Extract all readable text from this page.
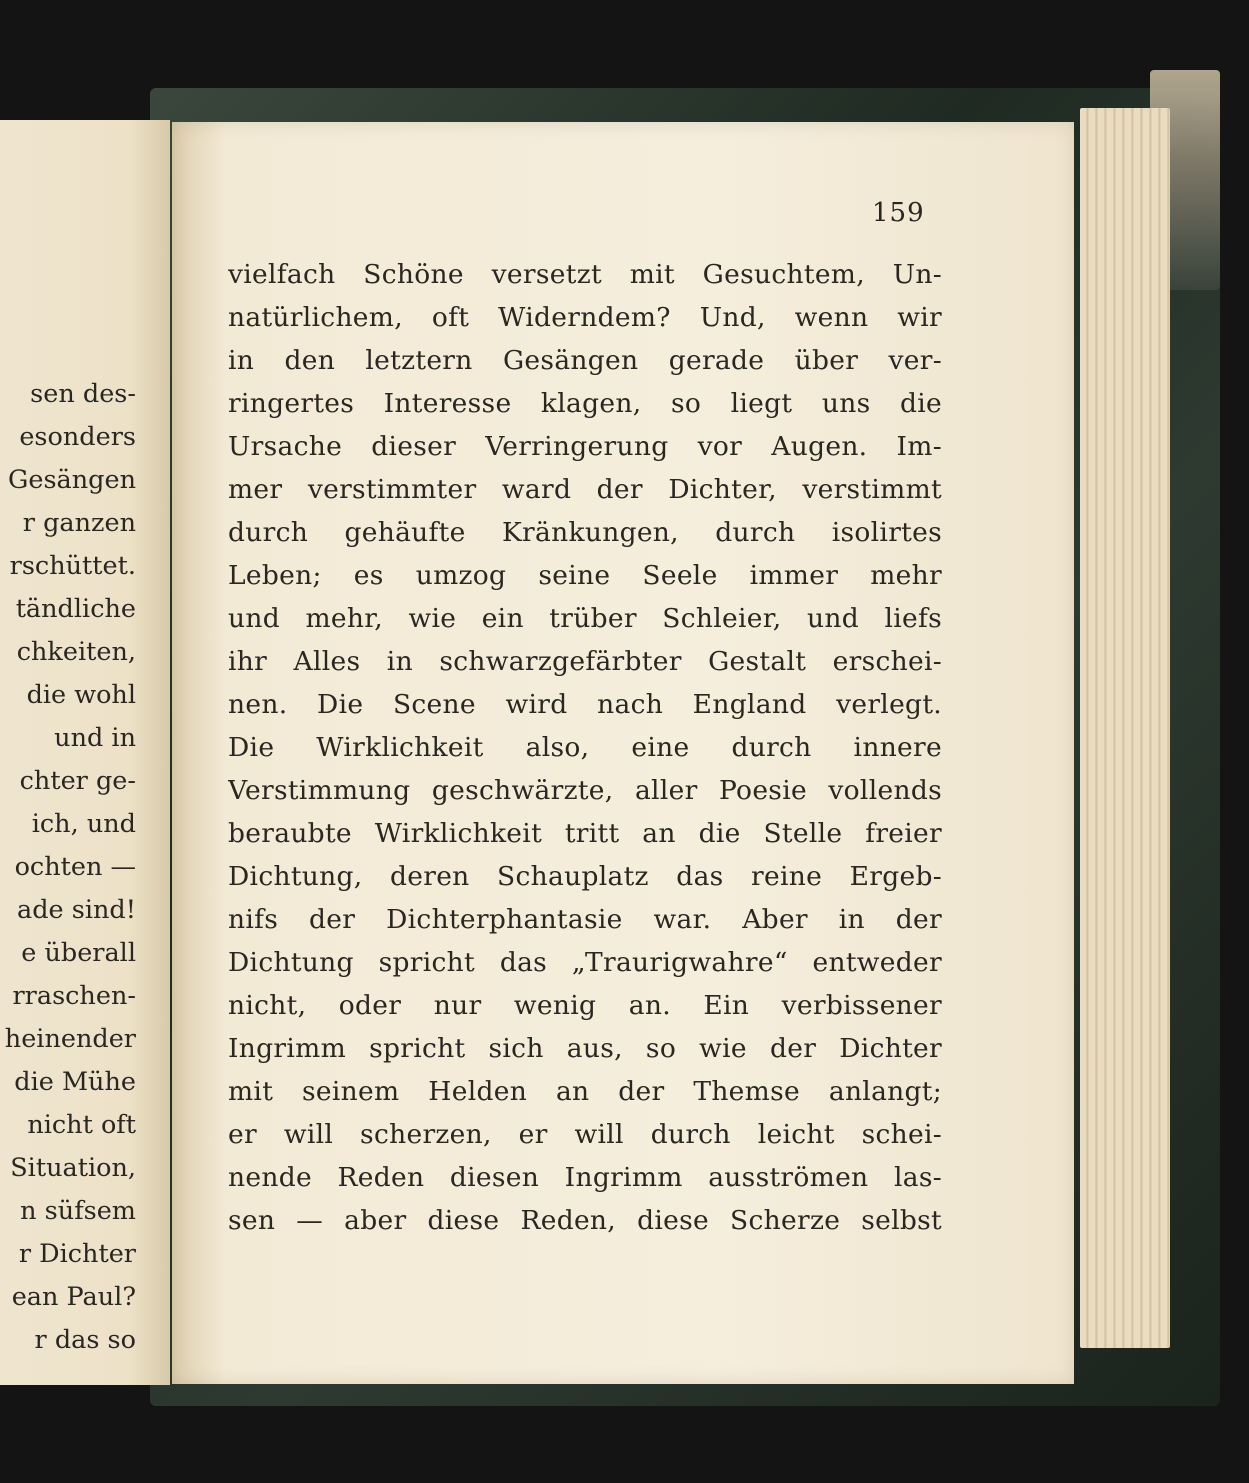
sen des-
esonders
Gesängen
r ganzen
rschüttet.
tändliche
chkeiten,
die wohl
und in
chter ge-
ich, und
ochten —
ade sind!
e überall
rraschen-
heinender
die Mühe
nicht oft
Situation,
n süfsem
r Dichter
ean Paul?
r das so
159
vielfach Schöne versetzt mit Gesuchtem, Un-
natürlichem, oft Widerndem? Und, wenn wir
in den letztern Gesängen gerade über ver-
ringertes Interesse klagen, so liegt uns die
Ursache dieser Verringerung vor Augen. Im-
mer verstimmter ward der Dichter, verstimmt
durch gehäufte Kränkungen, durch isolirtes
Leben; es umzog seine Seele immer mehr
und mehr, wie ein trüber Schleier, und liefs
ihr Alles in schwarzgefärbter Gestalt erschei-
nen. Die Scene wird nach England verlegt.
Die Wirklichkeit also, eine durch innere
Verstimmung geschwärzte, aller Poesie vollends
beraubte Wirklichkeit tritt an die Stelle freier
Dichtung, deren Schauplatz das reine Ergeb-
nifs der Dichterphantasie war. Aber in der
Dichtung spricht das „Traurigwahre“ entweder
nicht, oder nur wenig an. Ein verbissener
Ingrimm spricht sich aus, so wie der Dichter
mit seinem Helden an der Themse anlangt;
er will scherzen, er will durch leicht schei-
nende Reden diesen Ingrimm ausströmen las-
sen — aber diese Reden, diese Scherze selbst
